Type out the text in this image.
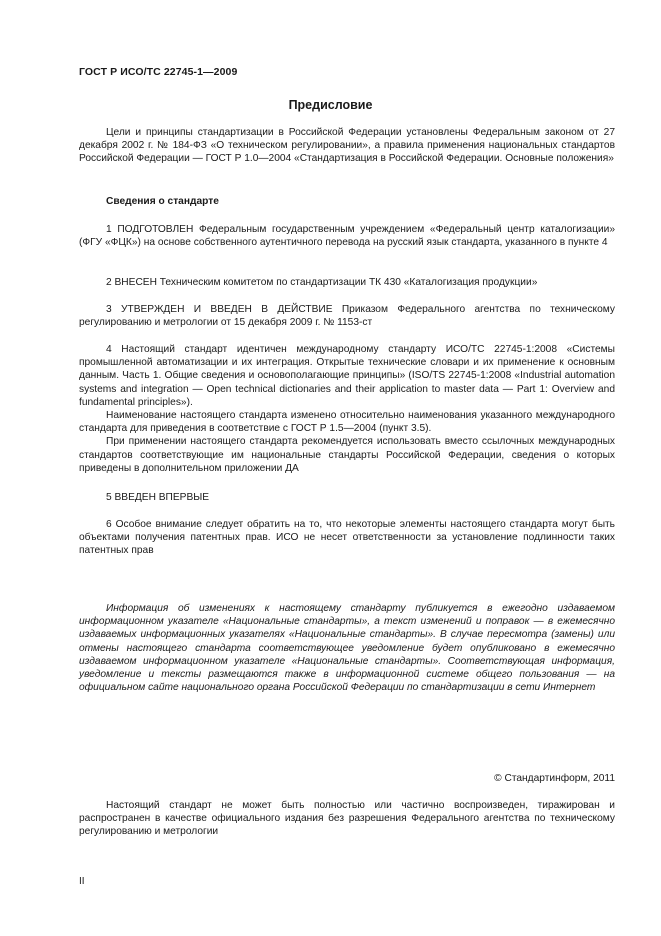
ГОСТ Р ИСО/ТС 22745-1—2009
Предисловие

Цели и принципы стандартизации в Российской Федерации установлены Федеральным законом от 27 декабря 2002 г. № 184-ФЗ «О техническом регулировании», а правила применения национальных стандартов Российской Федерации — ГОСТ Р 1.0—2004 «Стандартизация в Российской Федерации. Основные положения»

Сведения о стандарте

1 ПОДГОТОВЛЕН Федеральным государственным учреждением «Федеральный центр каталогизации» (ФГУ «ФЦК») на основе собственного аутентичного перевода на русский язык стандарта, указанного в пункте 4

2 ВНЕСЕН Техническим комитетом по стандартизации ТК 430 «Каталогизация продукции»

3 УТВЕРЖДЕН И ВВЕДЕН В ДЕЙСТВИЕ Приказом Федерального агентства по техническому регулированию и метрологии от 15 декабря 2009 г. № 1153-ст

4 Настоящий стандарт идентичен международному стандарту ИСО/ТС 22745-1:2008 «Системы промышленной автоматизации и их интеграция. Открытые технические словари и их применение к основным данным. Часть 1. Общие сведения и основополагающие принципы» (ISO/TS 22745-1:2008 «Industrial automation systems and integration — Open technical dictionaries and their application to master data — Part 1: Overview and fundamental principles»).

Наименование настоящего стандарта изменено относительно наименования указанного международного стандарта для приведения в соответствие с ГОСТ Р 1.5—2004 (пункт 3.5).

При применении настоящего стандарта рекомендуется использовать вместо ссылочных международных стандартов соответствующие им национальные стандарты Российской Федерации, сведения о которых приведены в дополнительном приложении ДА

5 ВВЕДЕН ВПЕРВЫЕ

6 Особое внимание следует обратить на то, что некоторые элементы настоящего стандарта могут быть объектами получения патентных прав. ИСО не несет ответственности за установление подлинности таких патентных прав

Информация об изменениях к настоящему стандарту публикуется в ежегодно издаваемом информационном указателе «Национальные стандарты», а текст изменений и поправок — в ежемесячно издаваемых информационных указателях «Национальные стандарты». В случае пересмотра (замены) или отмены настоящего стандарта соответствующее уведомление будет опубликовано в ежемесячно издаваемом информационном указателе «Национальные стандарты». Соответствующая информация, уведомление и тексты размещаются также в информационной системе общего пользования — на официальном сайте национального органа Российской Федерации по стандартизации в сети Интернет

© Стандартинформ, 2011

Настоящий стандарт не может быть полностью или частично воспроизведен, тиражирован и распространен в качестве официального издания без разрешения Федерального агентства по техническому регулированию и метрологии

II
